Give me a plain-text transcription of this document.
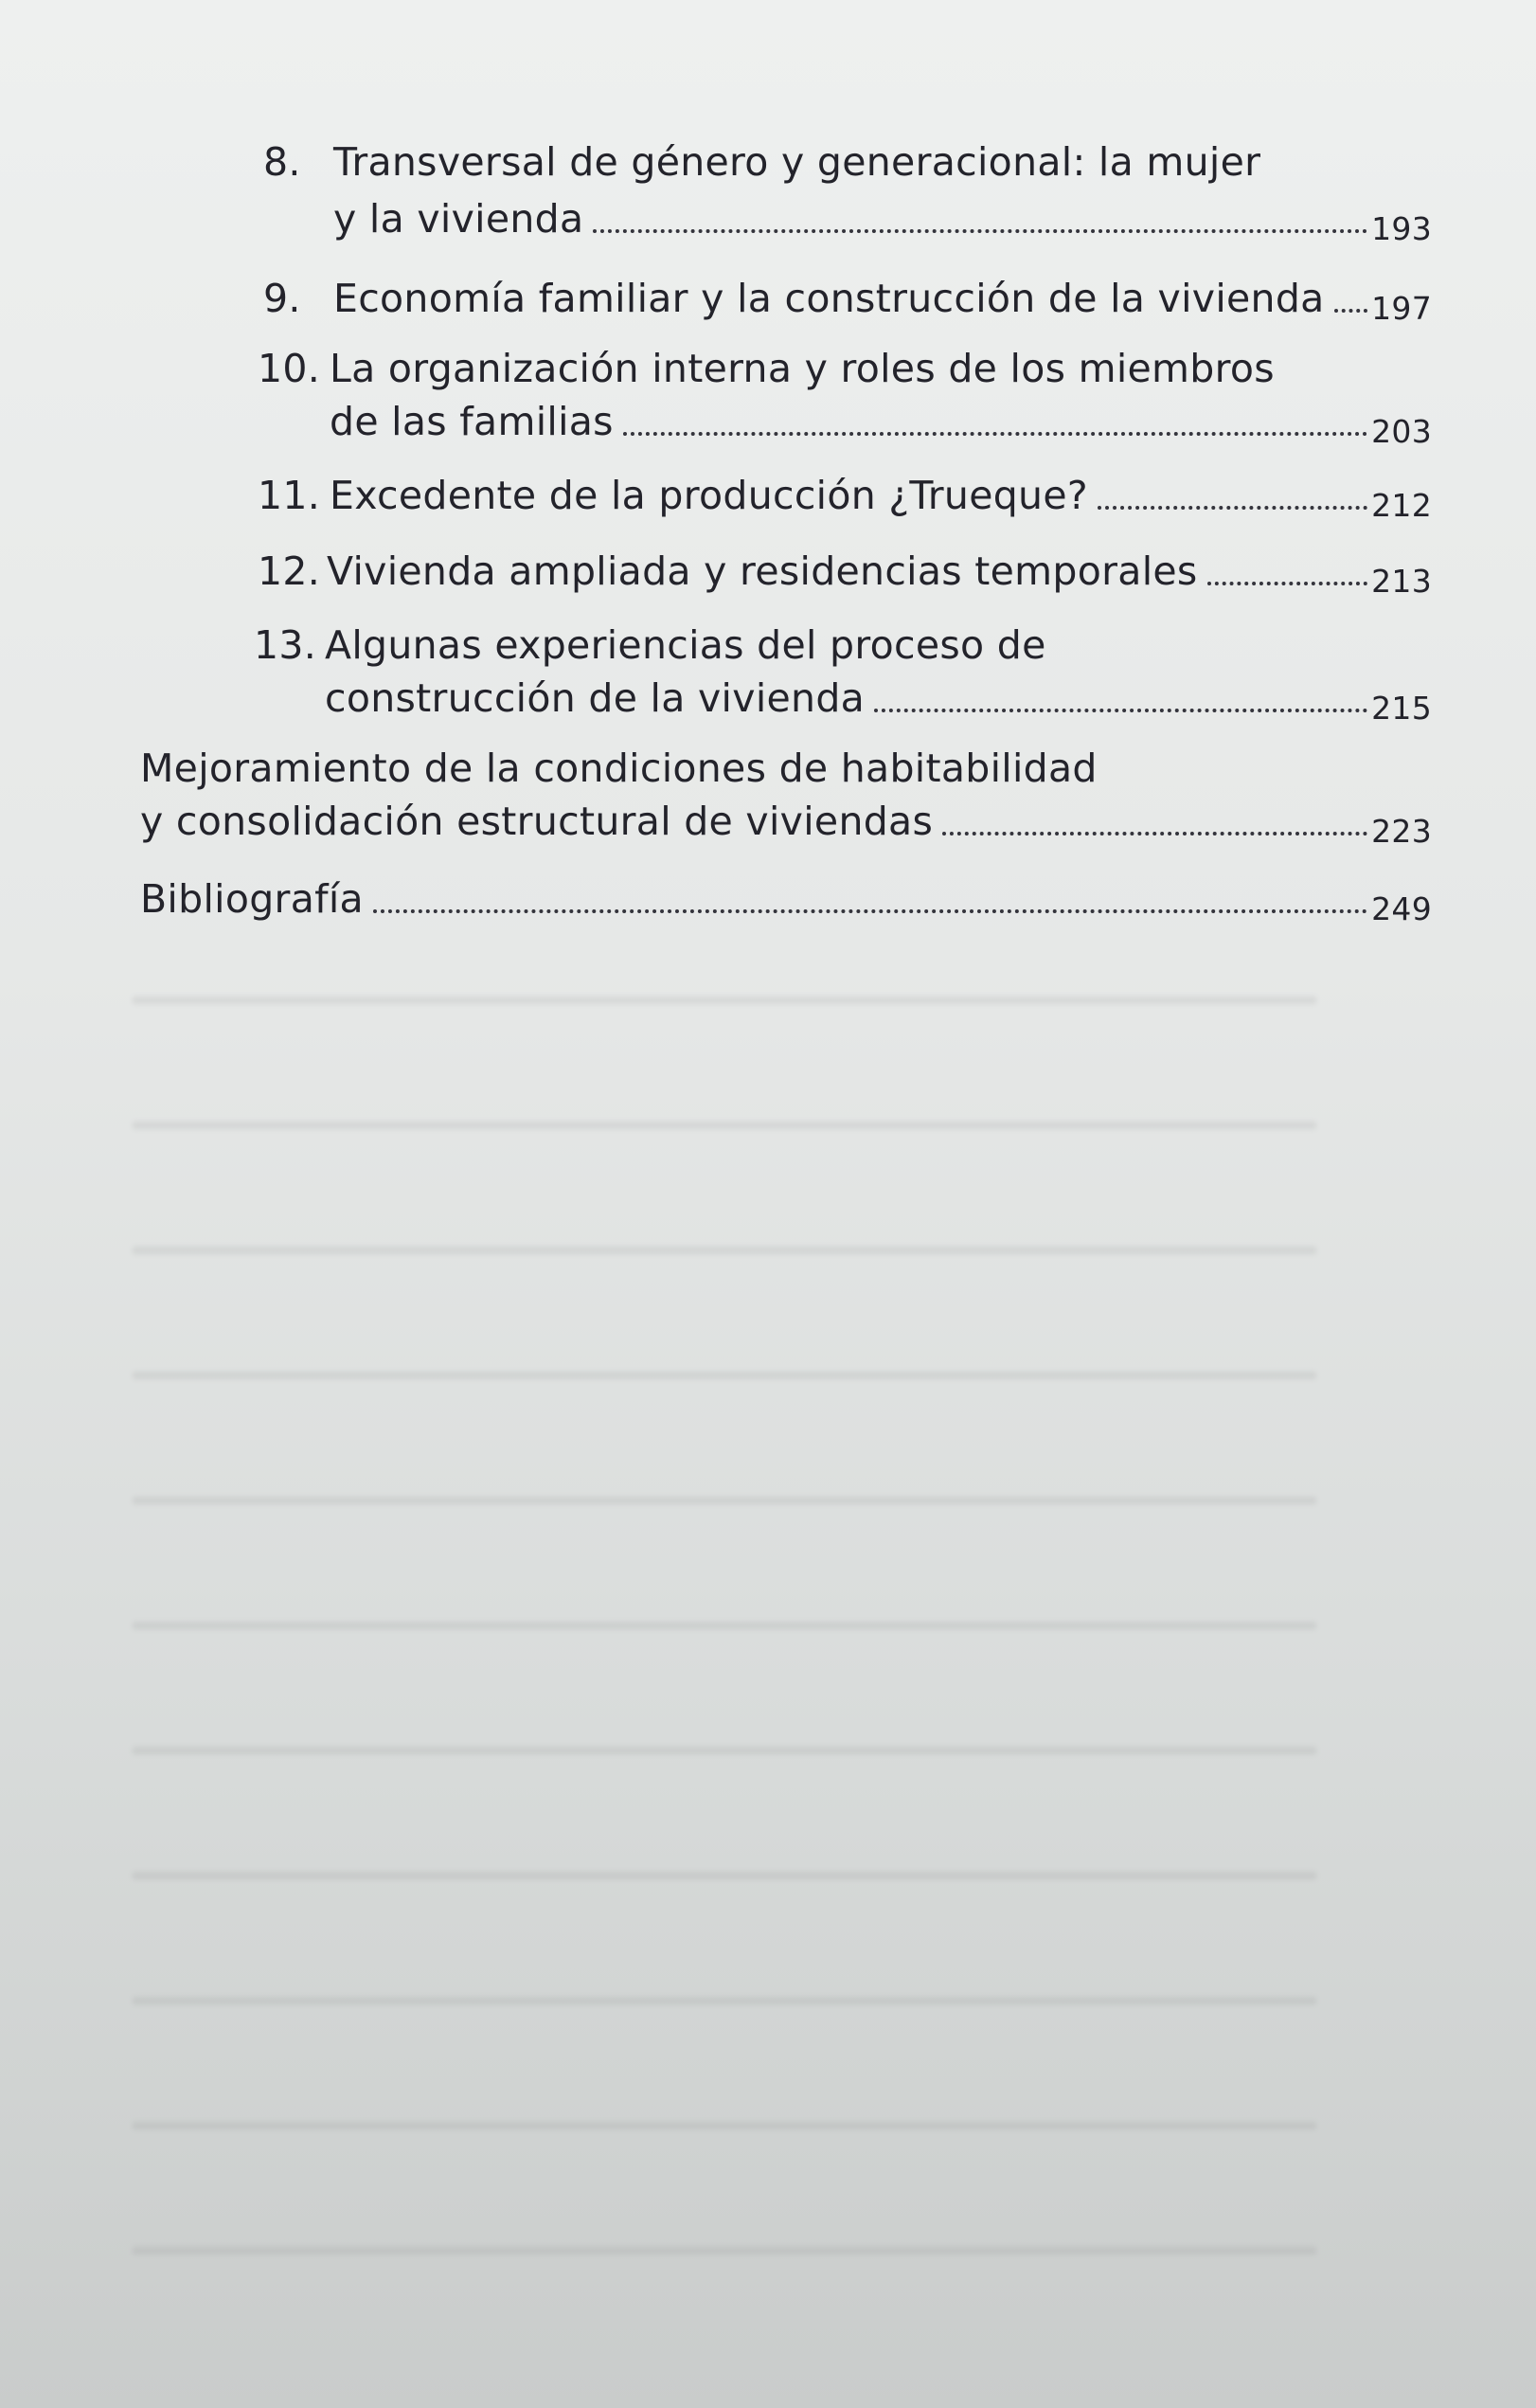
8. Transversal de género y generacional: la mujer
y la vivienda	193
9. Economía familiar y la construcción de la vivienda 197
10. La organización interna y roles de los miembros
de las familias	203
11. Excedente de la producción ¿Trueque?	212
12. Vivienda ampliada y residencias temporales	213
13. Algunas experiencias del proceso de
construcción de la vivienda	215
Mejoramiento de la condiciones de habitabilidad
y consolidación estructural de viviendas	223
Bibliografía	249
